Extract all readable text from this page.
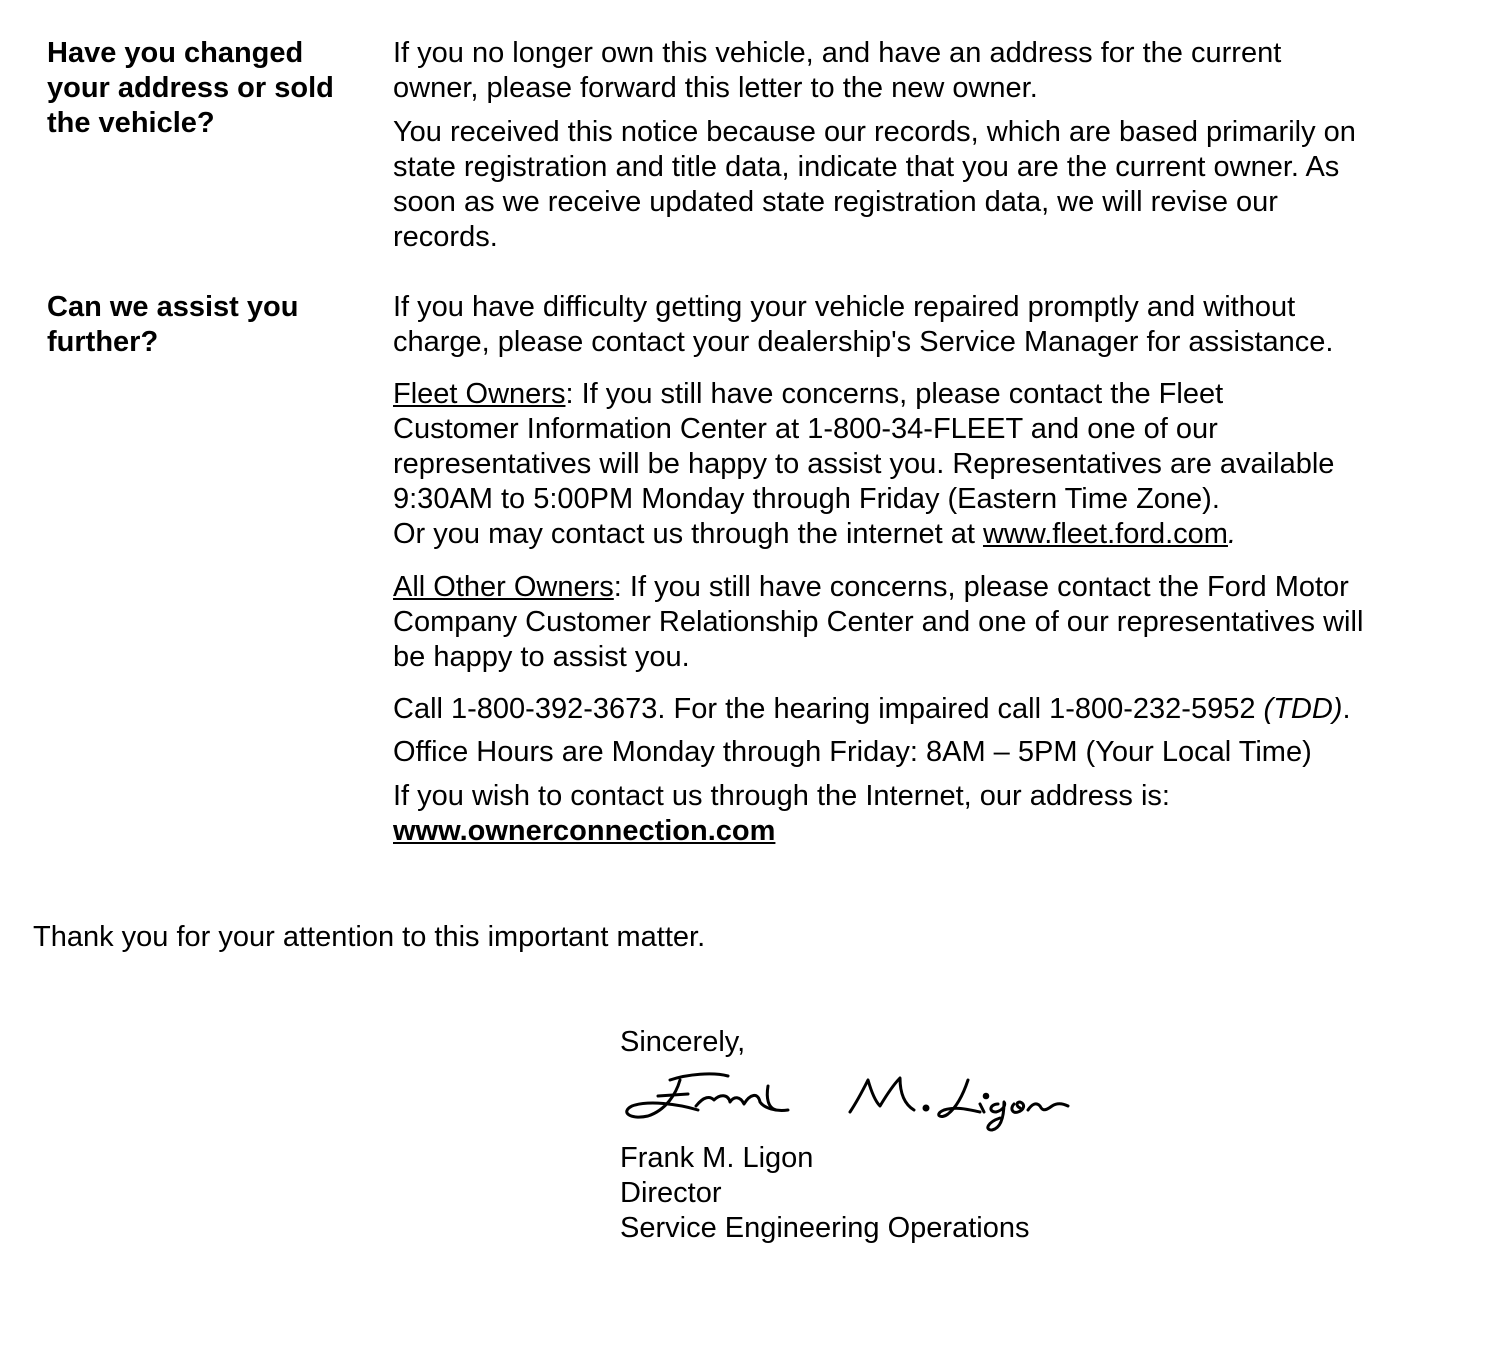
Have you changed
your address or sold
the vehicle?
If you no longer own this vehicle, and have an address for the current
owner, please forward this letter to the new owner.
You received this notice because our records, which are based primarily on
state registration and title data, indicate that you are the current owner. As
soon as we receive updated state registration data, we will revise our
records.
Can we assist you
further?
If you have difficulty getting your vehicle repaired promptly and without
charge, please contact your dealership's Service Manager for assistance.
Fleet Owners: If you still have concerns, please contact the Fleet
Customer Information Center at 1-800-34-FLEET and one of our
representatives will be happy to assist you. Representatives are available
9:30AM to 5:00PM Monday through Friday (Eastern Time Zone).
Or you may contact us through the internet at www.fleet.ford.com.
All Other Owners: If you still have concerns, please contact the Ford Motor
Company Customer Relationship Center and one of our representatives will
be happy to assist you.
Call 1-800-392-3673. For the hearing impaired call 1-800-232-5952 (TDD).
Office Hours are Monday through Friday: 8AM – 5PM (Your Local Time)
If you wish to contact us through the Internet, our address is:
www.ownerconnection.com
Thank you for your attention to this important matter.
Sincerely,
Frank M. Ligon
Director
Service Engineering Operations
